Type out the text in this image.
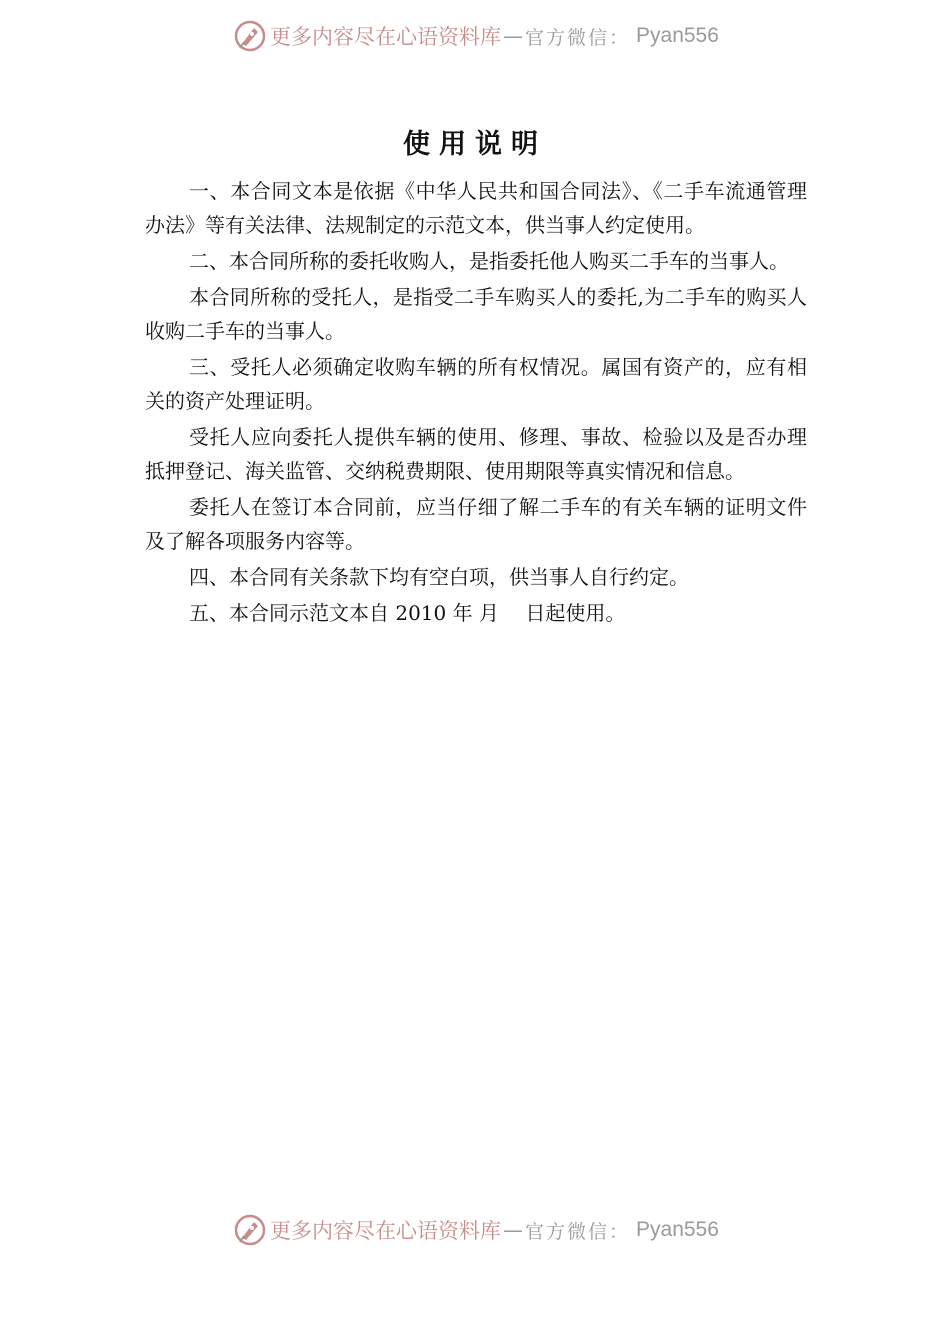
更多内容尽在心语资料库 — 官方微信： Pyan556
使用说明

一、本合同文本是依据《中华人民共和国合同法》、《二手车流通管理办法》等有关法律、法规制定的示范文本，供当事人约定使用。

二、本合同所称的委托收购人，是指委托他人购买二手车的当事人。

本合同所称的受托人，是指受二手车购买人的委托,为二手车的购买人收购二手车的当事人。

三、受托人必须确定收购车辆的所有权情况。属国有资产的，应有相关的资产处理证明。

受托人应向委托人提供车辆的使用、修理、事故、检验以及是否办理抵押登记、海关监管、交纳税费期限、使用期限等真实情况和信息。

委托人在签订本合同前，应当仔细了解二手车的有关车辆的证明文件及了解各项服务内容等。

四、本合同有关条款下均有空白项，供当事人自行约定。

五、本合同示范文本自 2010 年 月　 日起使用。

更多内容尽在心语资料库 — 官方微信： Pyan556
